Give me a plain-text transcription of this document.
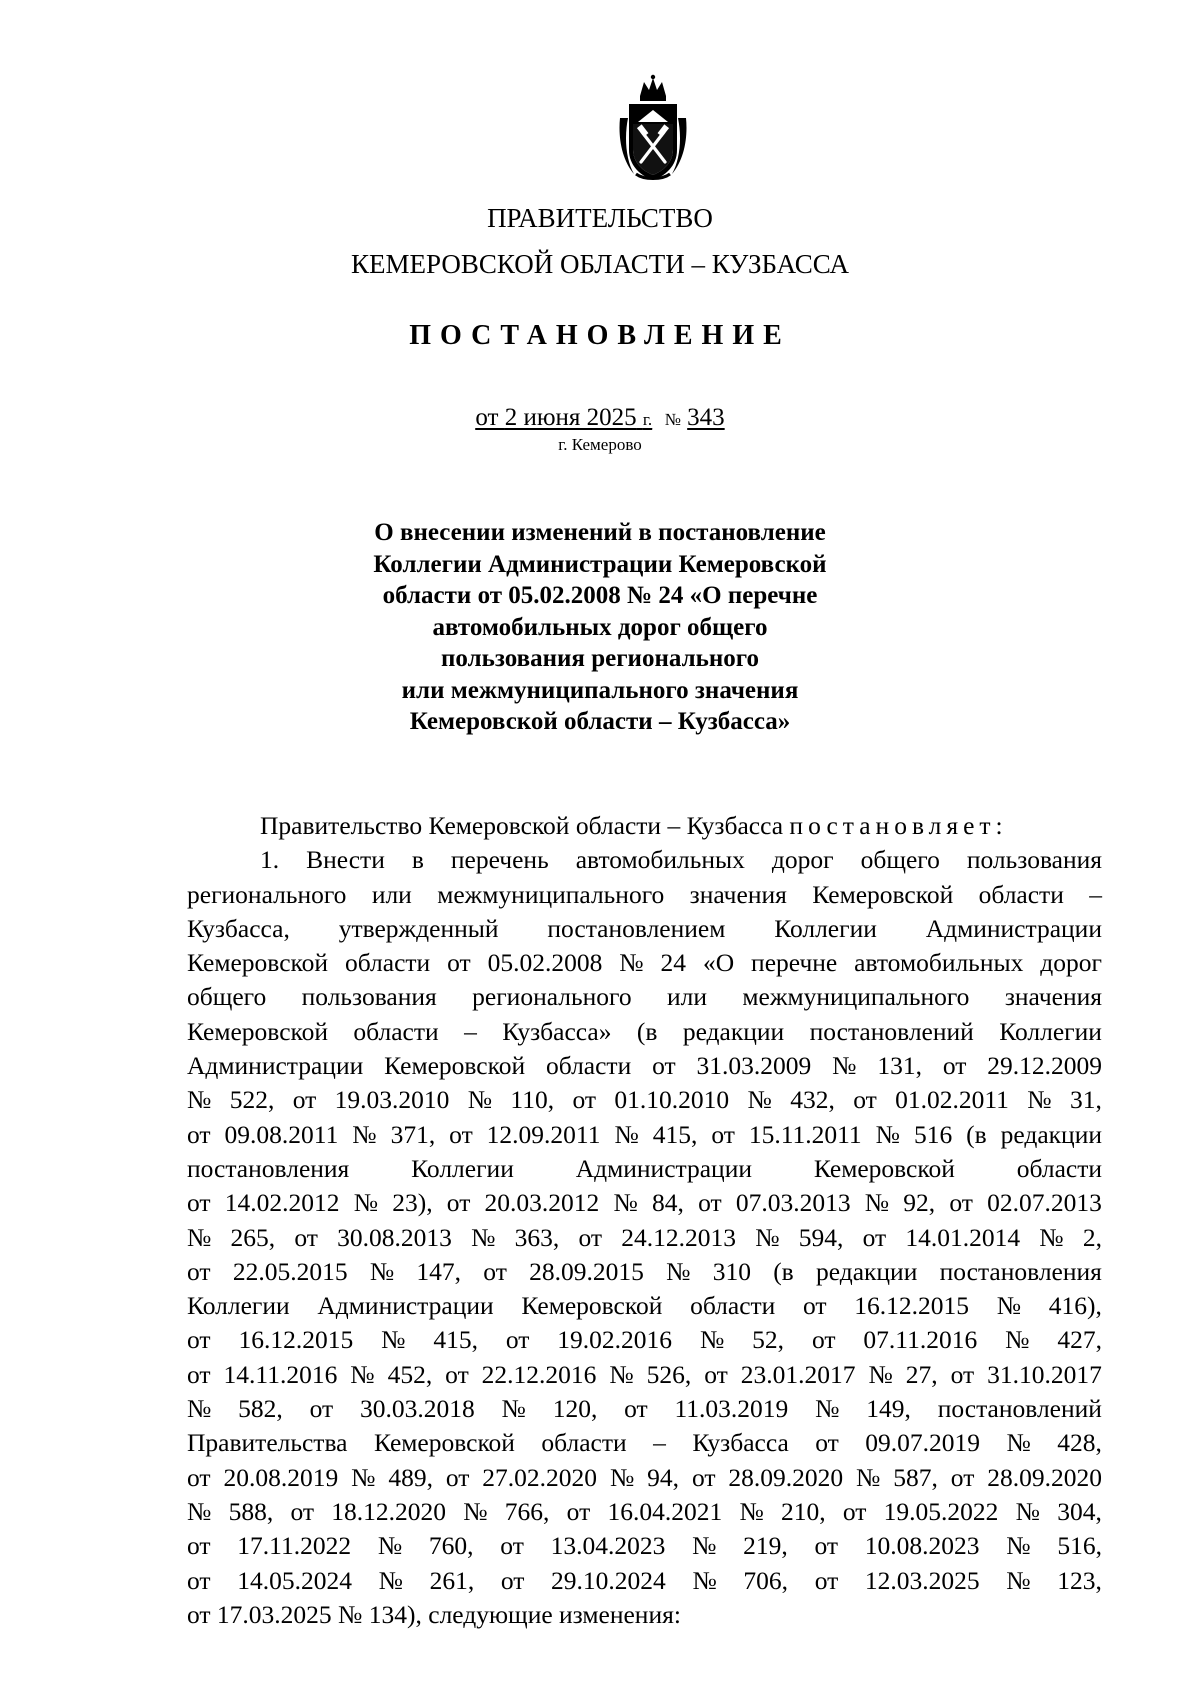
ПРАВИТЕЛЬСТВО
КЕМЕРОВСКОЙ ОБЛАСТИ – КУЗБАССА
ПОСТАНОВЛЕНИЕ
от 2 июня 2025 г. № 343
г. Кемерово
О внесении изменений в постановление
Коллегии Администрации Кемеровской
области от 05.02.2008 № 24 «О перечне
автомобильных дорог общего
пользования регионального
или межмуниципального значения
Кемеровской области – Кузбасса»
Правительство Кемеровской области – Кузбасса постановляет:
1. Внести в перечень автомобильных дорог общего пользования
регионального или межмуниципального значения Кемеровской области –
Кузбасса, утвержденный постановлением Коллегии Администрации
Кемеровской области от 05.02.2008 № 24 «О перечне автомобильных дорог
общего пользования регионального или межмуниципального значения
Кемеровской области – Кузбасса» (в редакции постановлений Коллегии
Администрации Кемеровской области от 31.03.2009 № 131, от 29.12.2009
№ 522, от 19.03.2010 № 110, от 01.10.2010 № 432, от 01.02.2011 № 31,
от 09.08.2011 № 371, от 12.09.2011 № 415, от 15.11.2011 № 516 (в редакции
постановления Коллегии Администрации Кемеровской области
от 14.02.2012 № 23), от 20.03.2012 № 84, от 07.03.2013 № 92, от 02.07.2013
№ 265, от 30.08.2013 № 363, от 24.12.2013 № 594, от 14.01.2014 № 2,
от 22.05.2015 № 147, от 28.09.2015 № 310 (в редакции постановления
Коллегии Администрации Кемеровской области от 16.12.2015 № 416),
от 16.12.2015 № 415, от 19.02.2016 № 52, от 07.11.2016 № 427,
от 14.11.2016 № 452, от 22.12.2016 № 526, от 23.01.2017 № 27, от 31.10.2017
№ 582, от 30.03.2018 № 120, от 11.03.2019 № 149, постановлений
Правительства Кемеровской области – Кузбасса от 09.07.2019 № 428,
от 20.08.2019 № 489, от 27.02.2020 № 94, от 28.09.2020 № 587, от 28.09.2020
№ 588, от 18.12.2020 № 766, от 16.04.2021 № 210, от 19.05.2022 № 304,
от 17.11.2022 № 760, от 13.04.2023 № 219, от 10.08.2023 № 516,
от 14.05.2024 № 261, от 29.10.2024 № 706, от 12.03.2025 № 123,
от 17.03.2025 № 134), следующие изменения:
